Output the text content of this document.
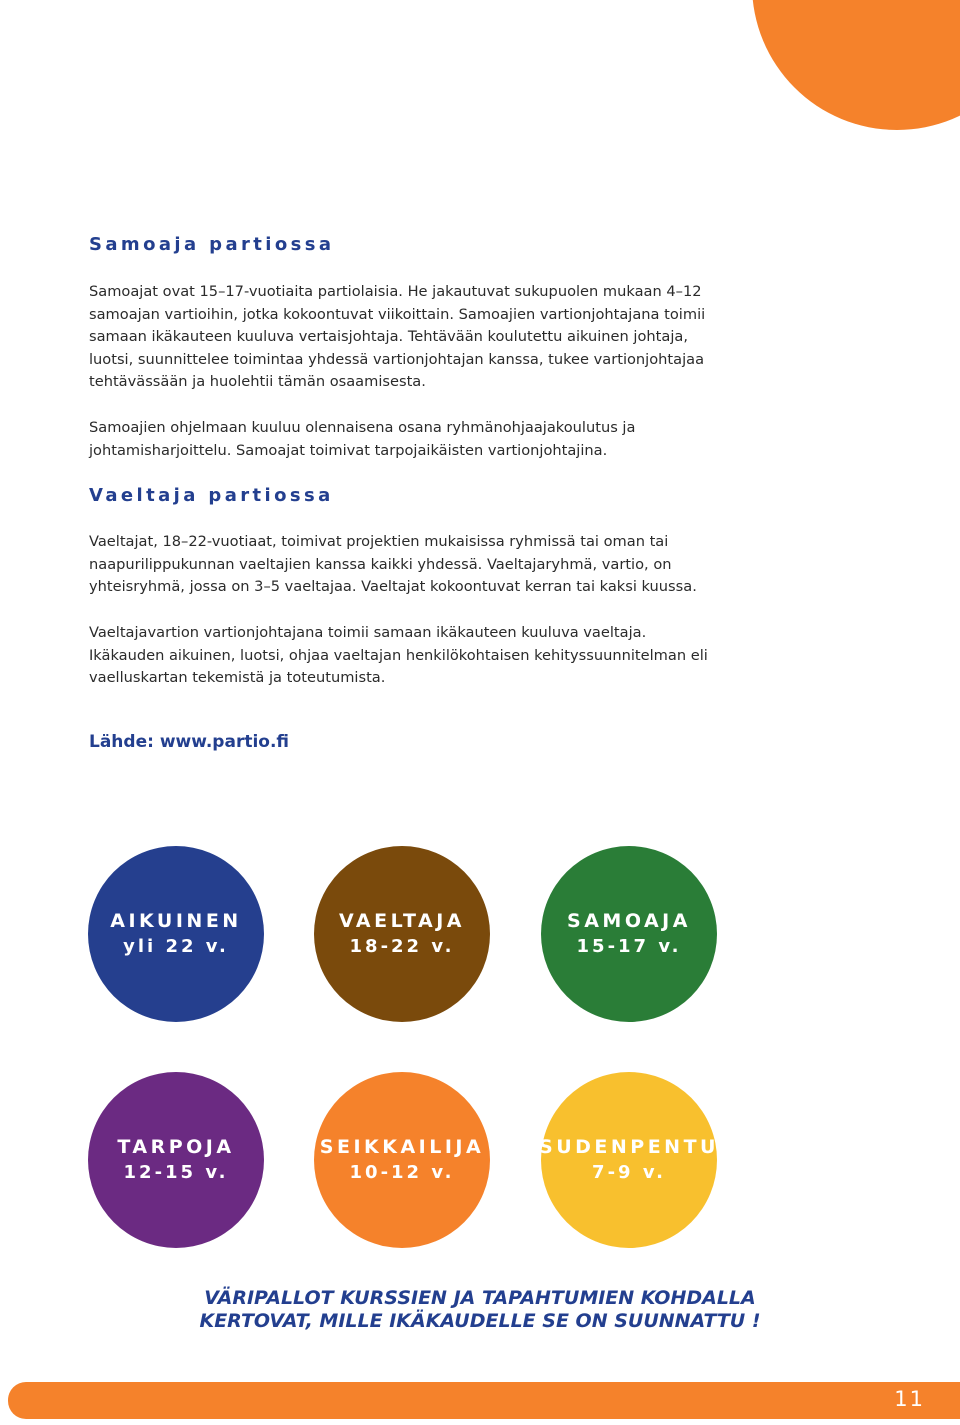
Samoaja partiossa

Samoajat ovat 15–17-vuotiaita partiolaisia. He jakautuvat sukupuolen mukaan 4–12 samoajan vartioihin, jotka kokoontuvat viikoittain. Samoajien vartionjohtajana toimii samaan ikäkauteen kuuluva vertaisjohtaja. Tehtävään koulutettu aikuinen johtaja, luotsi, suunnittelee toimintaa yhdessä vartionjohtajan kanssa, tukee vartionjohtajaa tehtävässään ja huolehtii tämän osaamisesta.

Samoajien ohjelmaan kuuluu olennaisena osana ryhmänohjaajakoulutus ja johtamisharjoittelu. Samoajat toimivat tarpojaikäisten vartionjohtajina.

Vaeltaja partiossa

Vaeltajat, 18–22-vuotiaat, toimivat projektien mukaisissa ryhmissä tai oman tai naapurilippukunnan vaeltajien kanssa kaikki yhdessä. Vaeltajaryhmä, vartio, on yhteisryhmä, jossa on 3–5 vaeltajaa. Vaeltajat kokoontuvat kerran tai kaksi kuussa.

Vaeltajavartion vartionjohtajana toimii samaan ikäkauteen kuuluva vaeltaja. Ikäkauden aikuinen, luotsi, ohjaa vaeltajan henkilökohtaisen kehityssuunnitelman eli vaelluskartan tekemistä ja toteutumista.

Lähde: www.partio.fi
AIKUINEN
yli 22 v.
VAELTAJA
18-22 v.
SAMOAJA
15-17 v.
TARPOJA
12-15 v.
SEIKKAILIJA
10-12 v.
SUDENPENTU
7-9 v.
VÄRIPALLOT KURSSIEN JA TAPAHTUMIEN KOHDALLA
KERTOVAT, MILLE IKÄKAUDELLE SE ON SUUNNATTU !
11
